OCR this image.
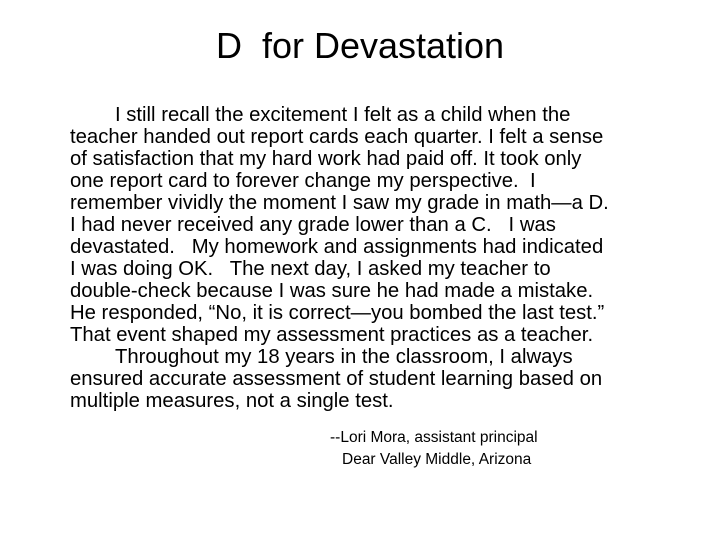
D  for Devastation
I still recall the excitement I felt as a child when the
teacher handed out report cards each quarter. I felt a sense
of satisfaction that my hard work had paid off. It took only
one report card to forever change my perspective.  I
remember vividly the moment I saw my grade in math—a D.
I had never received any grade lower than a C.   I was
devastated.   My homework and assignments had indicated
I was doing OK.   The next day, I asked my teacher to
double-check because I was sure he had made a mistake.
He responded, “No, it is correct—you bombed the last test.”
That event shaped my assessment practices as a teacher.
Throughout my 18 years in the classroom, I always
ensured accurate assessment of student learning based on
multiple measures, not a single test.
--Lori Mora, assistant principal
Dear Valley Middle, Arizona
